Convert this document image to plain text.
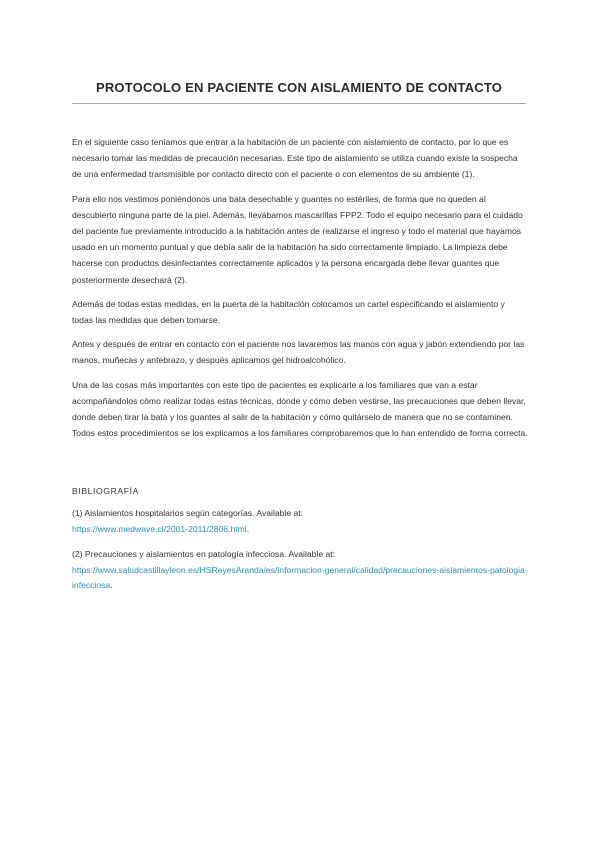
PROTOCOLO EN PACIENTE CON AISLAMIENTO DE CONTACTO

En el siguiente caso teníamos que entrar a la habitación de un paciente con aislamiento de contacto, por lo que es necesario tomar las medidas de precaución necesarias. Este tipo de aislamiento se utiliza cuando existe la sospecha de una enfermedad transmisible por contacto directo con el paciente o con elementos de su ambiente (1).

Para ello nos vestimos poniéndonos una bata desechable y guantes no estériles, de forma que no queden al descubierto ninguna parte de la piel. Además, llevábamos mascarillas FPP2. Todo el equipo necesario para el cuidado del paciente fue previamente introducido a la habitación antes de realizarse el ingreso y todo el material que hayamos usado en un momento puntual y que debía salir de la habitación ha sido correctamente limpiado. La limpieza debe hacerse con productos desinfectantes correctamente aplicados y la persona encargada debe llevar guantes que posteriormente desechará (2).

Además de todas estas medidas, en la puerta de la habitación colocamos un cartel especificando el aislamiento y todas las medidas que deben tomarse.

Antes y después de entrar en contacto con el paciente nos lavaremos las manos con agua y jabón extendiendo por las manos, muñecas y antebrazo, y después aplicamos gel hidroalcohólico.

Una de las cosas más importantes con este tipo de pacientes es explicarle a los familiares que van a estar acompañándolos cómo realizar todas estas técnicas, dónde y cómo deben vestirse, las precauciones que deben llevar, donde deben tirar la bata y los guantes al salir de la habitación y cómo quitárselo de manera que no se contaminen. Todos estos procedimientos se los explicamos a los familiares comprobaremos que lo han entendido de forma correcta.

BIBLIOGRAFÍA
(1) Aislamientos hospitalarios según categorías. Available at:
https://www.medwave.cl/2001-2011/2806.html.
(2) Precauciones y aislamientos en patología infecciosa. Available at:
https://www.saludcastillayleon.es/HSReyesAranda/es/informacion-general/calidad/precauciones-aislamientos-patologia-infecciosa.
